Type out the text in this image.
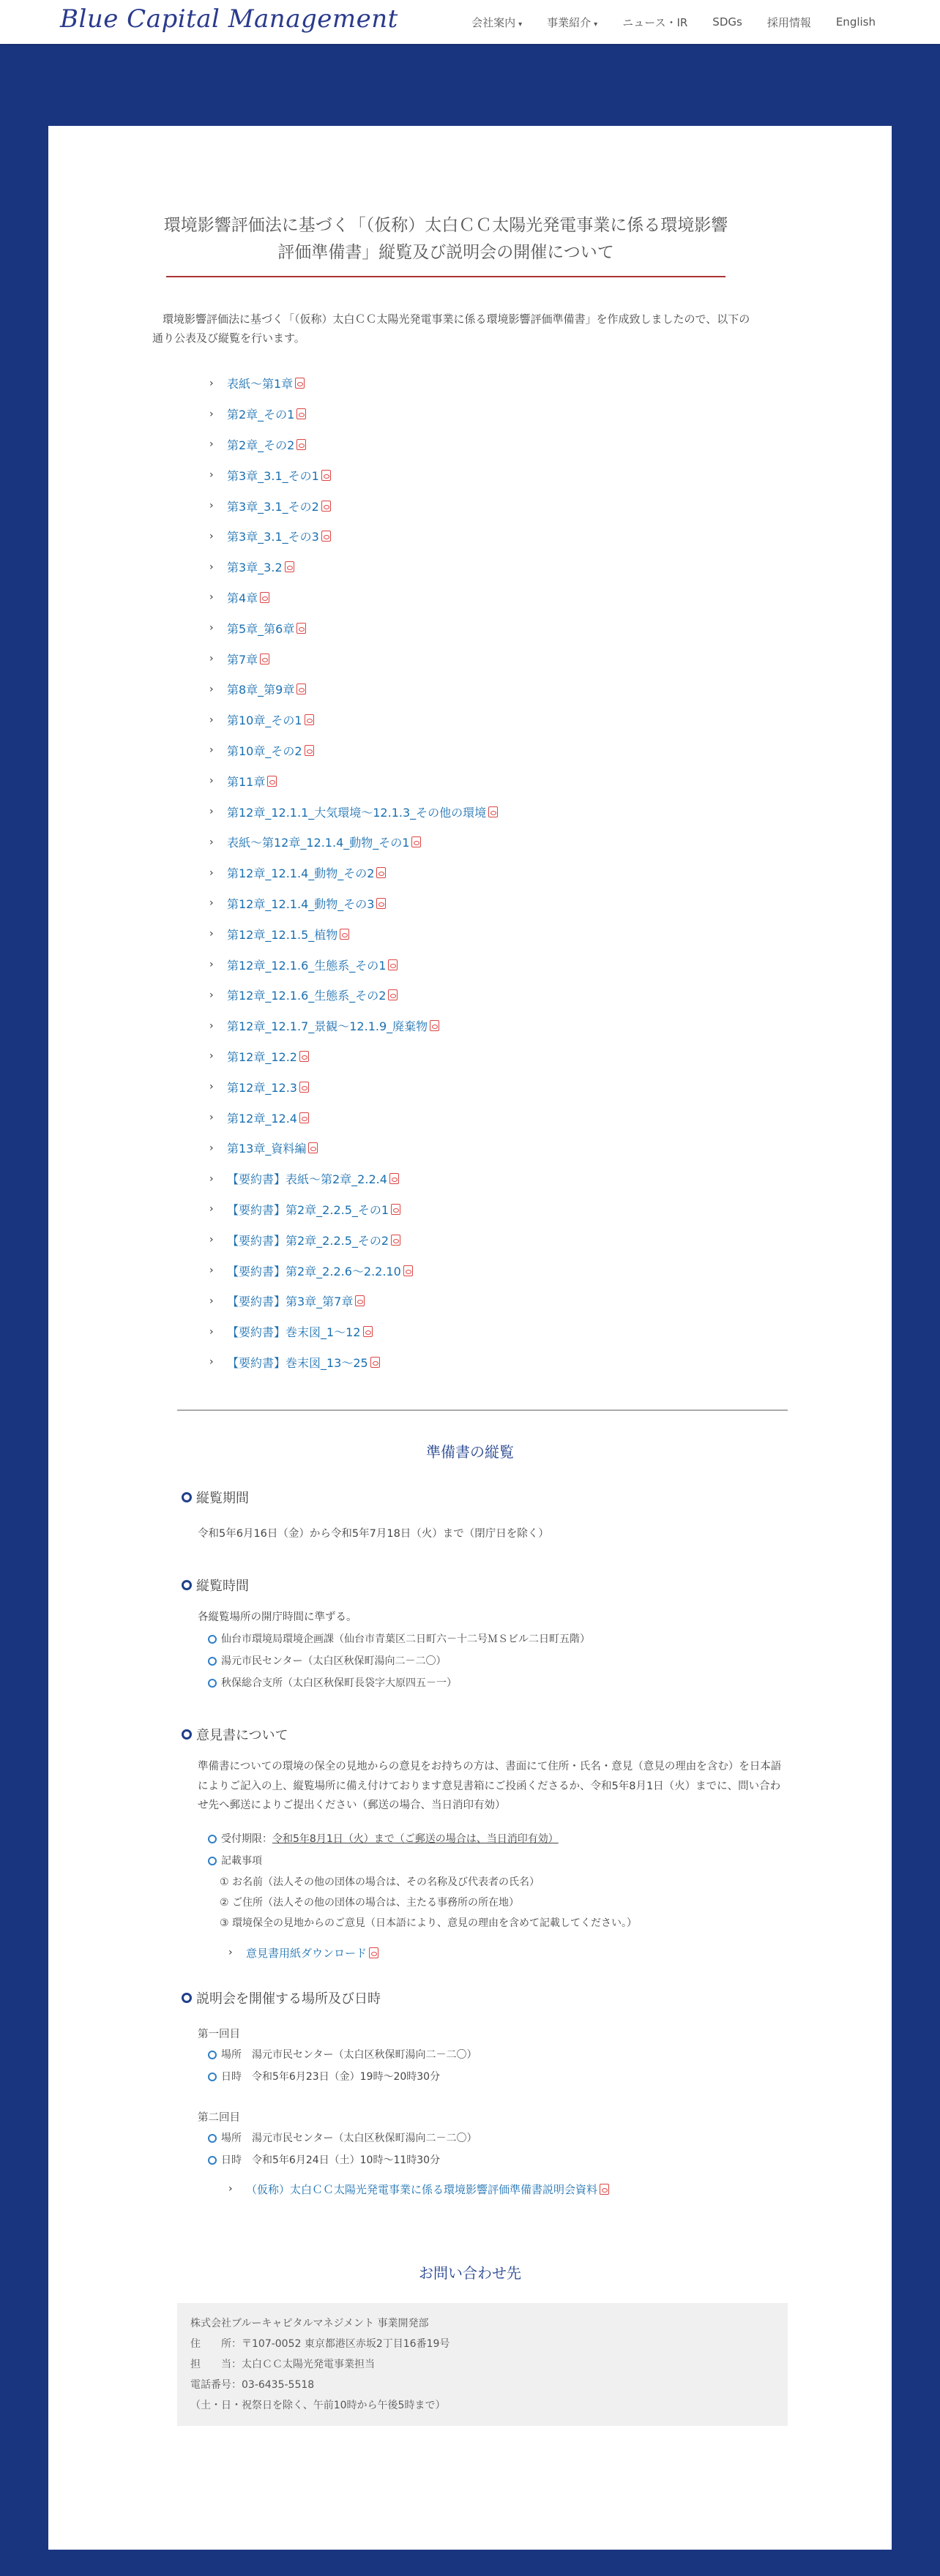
Blue Capital Management	会社案内 ▾ 事業紹介 ▾ ニュース・IR SDGs 採用情報 English
環境影響評価法に基づく「（仮称）太白ＣＣ太陽光発電事業に係る環境影響
評価準備書」縦覧及び説明会の開催について

環境影響評価法に基づく「（仮称）太白ＣＣ太陽光発電事業に係る環境影響評価準備書」を作成致しましたので、以下の通り公表及び縦覧を行います。

›	表紙～第1章
›	第2章_その1
›	第2章_その2
›	第3章_3.1_その1
›	第3章_3.1_その2
›	第3章_3.1_その3
›	第3章_3.2
›	第4章
›	第5章_第6章
›	第7章
›	第8章_第9章
›	第10章_その1
›	第10章_その2
›	第11章
›	第12章_12.1.1_大気環境～12.1.3_その他の環境
›	表紙～第12章_12.1.4_動物_その1
›	第12章_12.1.4_動物_その2
›	第12章_12.1.4_動物_その3
›	第12章_12.1.5_植物
›	第12章_12.1.6_生態系_その1
›	第12章_12.1.6_生態系_その2
›	第12章_12.1.7_景観～12.1.9_廃棄物
›	第12章_12.2
›	第12章_12.3
›	第12章_12.4
›	第13章_資料編
›	【要約書】表紙～第2章_2.2.4
›	【要約書】第2章_2.2.5_その1
›	【要約書】第2章_2.2.5_その2
›	【要約書】第2章_2.2.6～2.2.10
›	【要約書】第3章_第7章
›	【要約書】巻末図_1～12
›	【要約書】巻末図_13～25
準備書の縦覧
縦覧期間

令和5年6月16日（金）から令和5年7月18日（火）まで（閉庁日を除く）

縦覧時間

各縦覧場所の開庁時間に準ずる。

仙台市環境局環境企画課（仙台市青葉区二日町六－十二号ＭＳビル二日町五階）
湯元市民センター（太白区秋保町湯向二－二〇）
秋保総合支所（太白区秋保町長袋字大原四五－一）
意見書について

準備書についての環境の保全の見地からの意見をお持ちの方は、書面にて住所・氏名・意見（意見の理由を含む）を日本語によりご記入の上、縦覧場所に備え付けております意見書箱にご投函くださるか、令和5年8月1日（火）までに、問い合わせ先へ郵送によりご提出ください（郵送の場合、当日消印有効）

受付期限： 令和5年8月1日（火）まで（ご郵送の場合は、当日消印有効）
記載事項
① お名前（法人その他の団体の場合は、その名称及び代表者の氏名）
② ご住所（法人その他の団体の場合は、主たる事務所の所在地）
③ 環境保全の見地からのご意見（日本語により、意見の理由を含めて記載してください。）
›	意見書用紙ダウンロード
説明会を開催する場所及び日時

第一回目

場所　湯元市民センター（太白区秋保町湯向二－二〇）
日時　令和5年6月23日（金）19時～20時30分

第二回目

場所　湯元市民センター（太白区秋保町湯向二－二〇）
日時　令和5年6月24日（土）10時～11時30分
›	（仮称）太白ＣＣ太陽光発電事業に係る環境影響評価準備書説明会資料
お問い合わせ先

株式会社ブルーキャピタルマネジメント 事業開発部

住　　所：〒107-0052 東京都港区赤坂2丁目16番19号

担　　当：太白ＣＣ太陽光発電事業担当

電話番号：03-6435-5518

（土・日・祝祭日を除く、午前10時から午後5時まで）
